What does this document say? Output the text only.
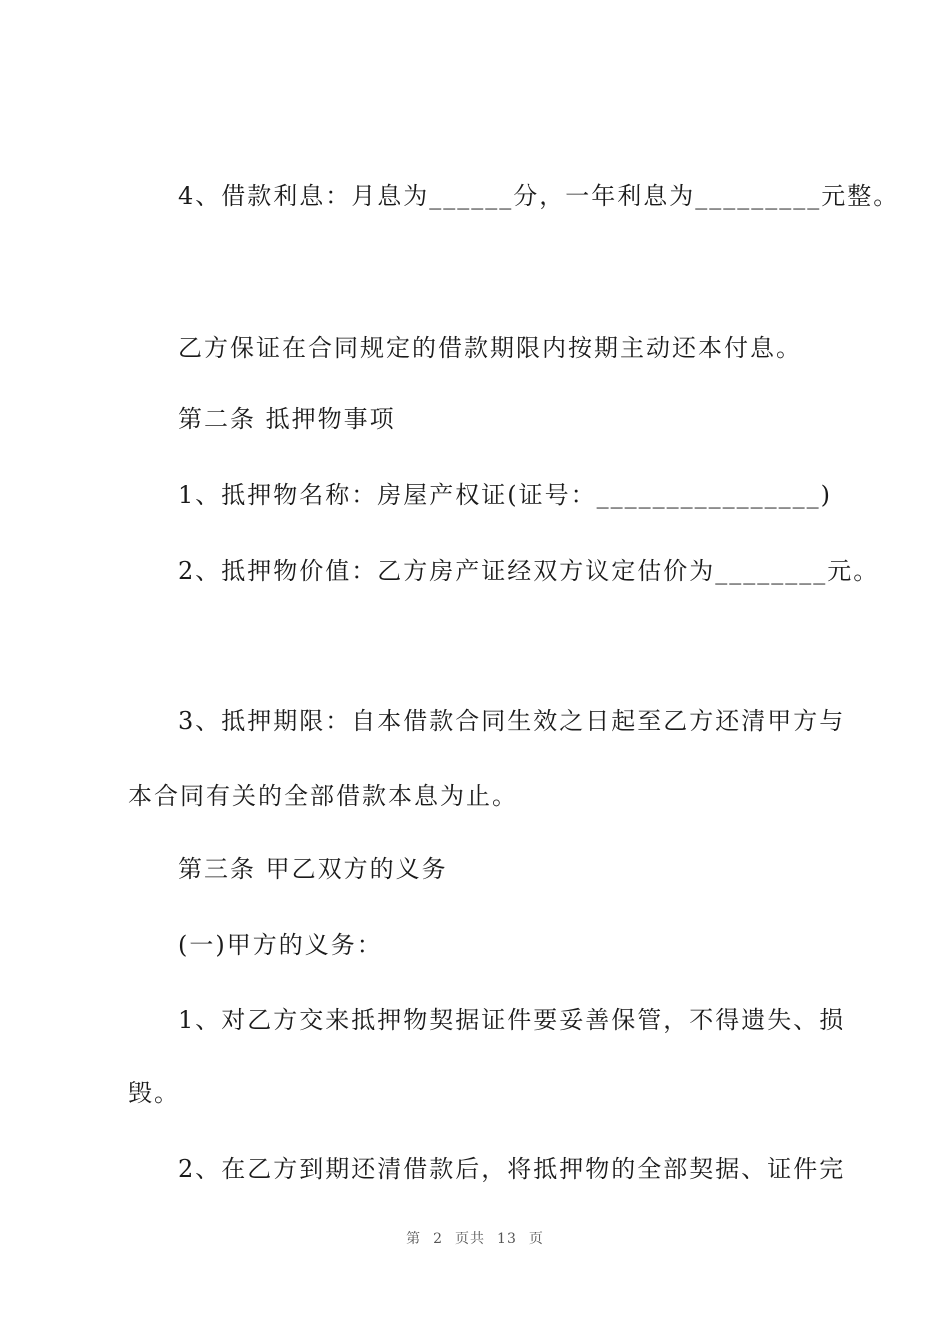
4、借款利息：月息为______分，一年利息为_________元整。

乙方保证在合同规定的借款期限内按期主动还本付息。

第二条 抵押物事项

1、抵押物名称：房屋产权证(证号：________________)

2、抵押物价值：乙方房产证经双方议定估价为________元。

3、抵押期限：自本借款合同生效之日起至乙方还清甲方与

本合同有关的全部借款本息为止。

第三条 甲乙双方的义务

(一)甲方的义务：

1、对乙方交来抵押物契据证件要妥善保管，不得遗失、损

毁。

2、在乙方到期还清借款后，将抵押物的全部契据、证件完

第 2 页共 13 页
